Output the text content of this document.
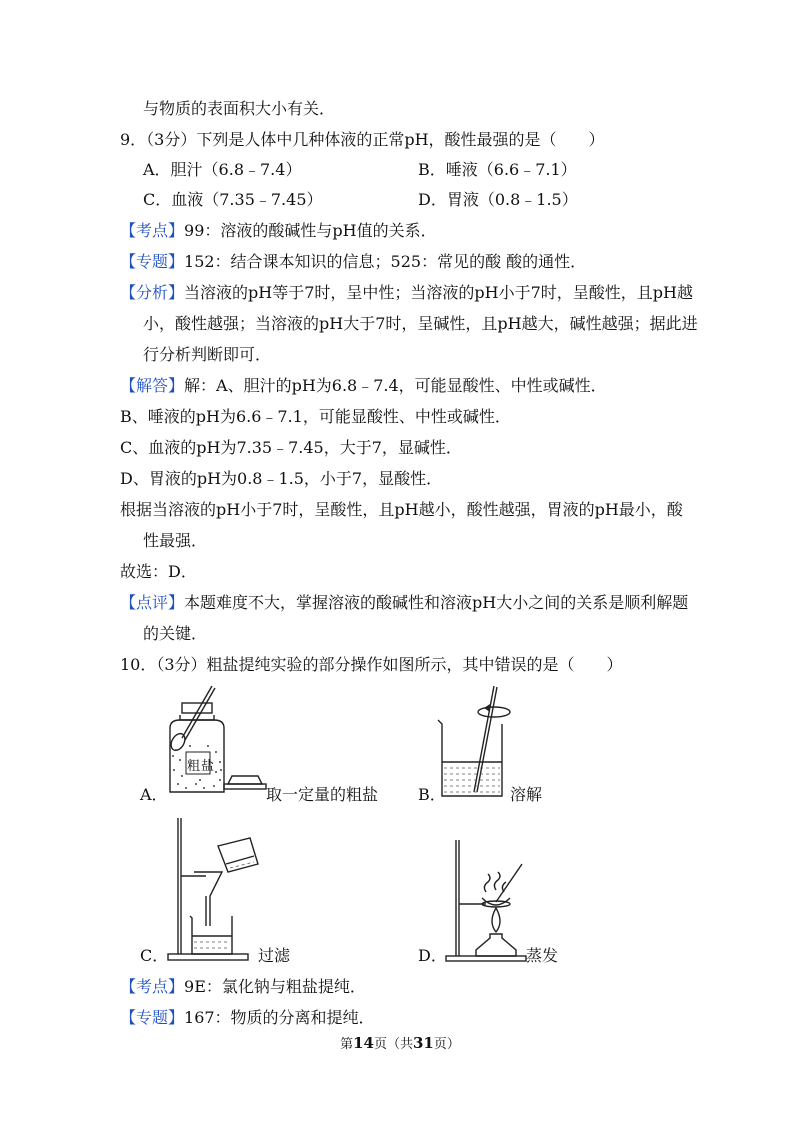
与物质的表面积大小有关．
9．（3分）下列是人体中几种体液的正常pH，酸性最强的是（　　）
A．胆汁（6.8﹣7.4）	B．唾液（6.6﹣7.1）
C．血液（7.35﹣7.45）	D．胃液（0.8﹣1.5）
【考点】99：溶液的酸碱性与pH值的关系．
【专题】152：结合课本知识的信息；525：常见的酸 酸的通性．
【分析】当溶液的pH等于7时，呈中性；当溶液的pH小于7时，呈酸性，且pH越
小，酸性越强；当溶液的pH大于7时，呈碱性，且pH越大，碱性越强；据此进
行分析判断即可．
【解答】解：A、胆汁的pH为6.8﹣7.4，可能显酸性、中性或碱性．
B、唾液的pH为6.6﹣7.1，可能显酸性、中性或碱性．
C、血液的pH为7.35﹣7.45，大于7，显碱性．
D、胃液的pH为0.8﹣1.5，小于7，显酸性．
根据当溶液的pH小于7时，呈酸性，且pH越小，酸性越强，胃液的pH最小，酸
性最强．
故选：D．
【点评】本题难度不大，掌握溶液的酸碱性和溶液pH大小之间的关系是顺利解题
的关键．
10．（3分）粗盐提纯实验的部分操作如图所示，其中错误的是（　　）
粗盐
A．	取一定量的粗盐 B．	溶解
C．	过滤	D．	蒸发
【考点】9E：氯化钠与粗盐提纯．
【专题】167：物质的分离和提纯．
第14页（共31页）
